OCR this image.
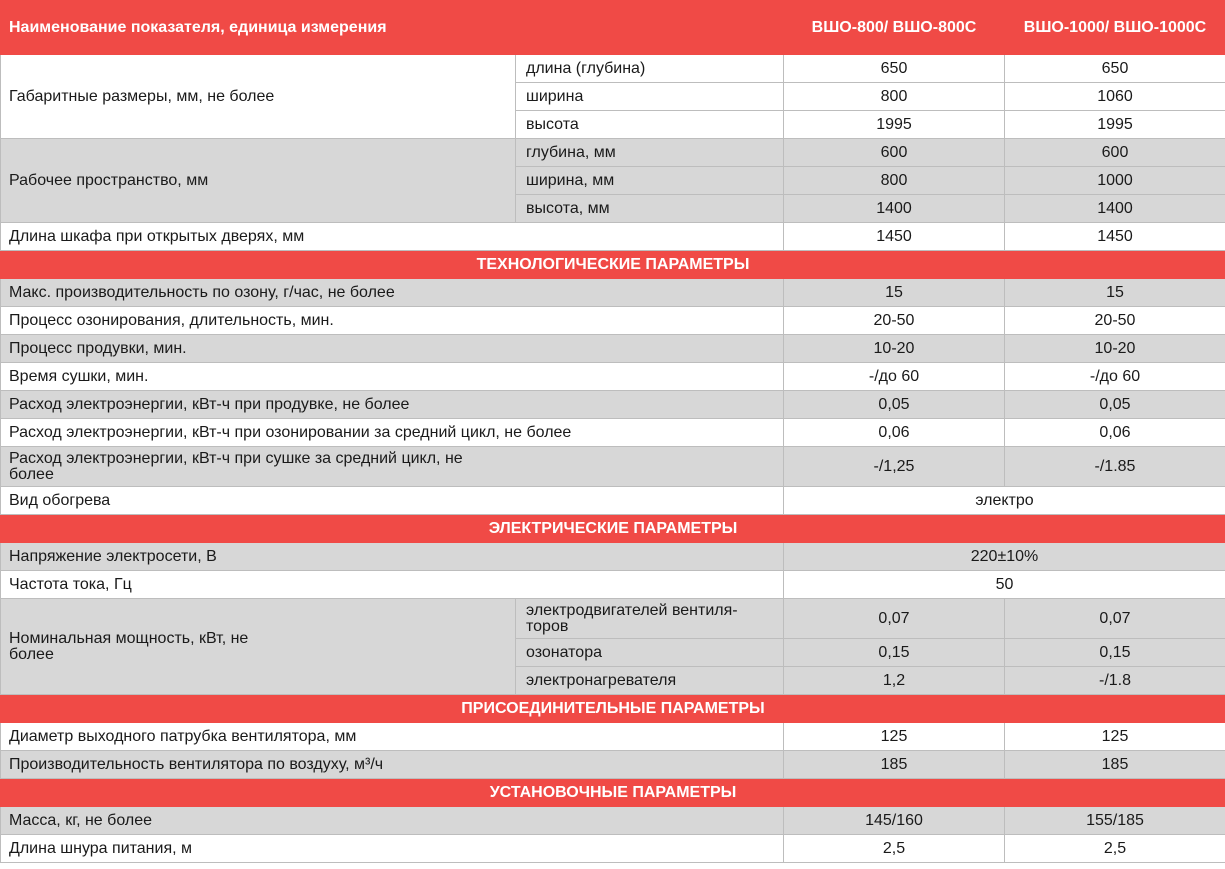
Наименование показателя, единица измерения		ВШО-800/ ВШО-800С	ВШО-1000/ ВШО-1000С
Габаритные размеры, мм, не более	длина (глубина)	650	650
	ширина	800	1060
	высота	1995	1995
Рабочее пространство, мм	глубина, мм	600	600
	ширина, мм	800	1000
	высота, мм	1400	1400
Длина шкафа при открытых дверях, мм		1450	1450
ТЕХНОЛОГИЧЕСКИЕ ПАРАМЕТРЫ			
Макс. производительность по озону, г/час, не более		15	15
Процесс озонирования, длительность, мин.		20-50	20-50
Процесс продувки, мин.		10-20	10-20
Время сушки, мин.		-/до 60	-/до 60
Расход электроэнергии, кВт-ч при продувке, не более		0,05	0,05
Расход электроэнергии, кВт-ч при озонировании за средний цикл, не более		0,06	0,06

Расход электроэнергии, кВт-ч при сушке за средний цикл, не более		-/1,25	-/1.85
Вид обогрева		электро	
ЭЛЕКТРИЧЕСКИЕ ПАРАМЕТРЫ			
Напряжение электросети, В		220±10%	
Частота тока, Гц		50	

Номинальная мощность, кВт, не более	электродвигателей вентиля-торов	0,07	0,07
	озонатора	0,15	0,15
	электронагревателя	1,2	-/1.8
ПРИСОЕДИНИТЕЛЬНЫЕ ПАРАМЕТРЫ			
Диаметр выходного патрубка вентилятора, мм		125	125
Производительность вентилятора по воздуху, м³/ч		185	185
УСТАНОВОЧНЫЕ ПАРАМЕТРЫ			
Масса, кг, не более		145/160	155/185
Длина шнура питания, м		2,5	2,5
